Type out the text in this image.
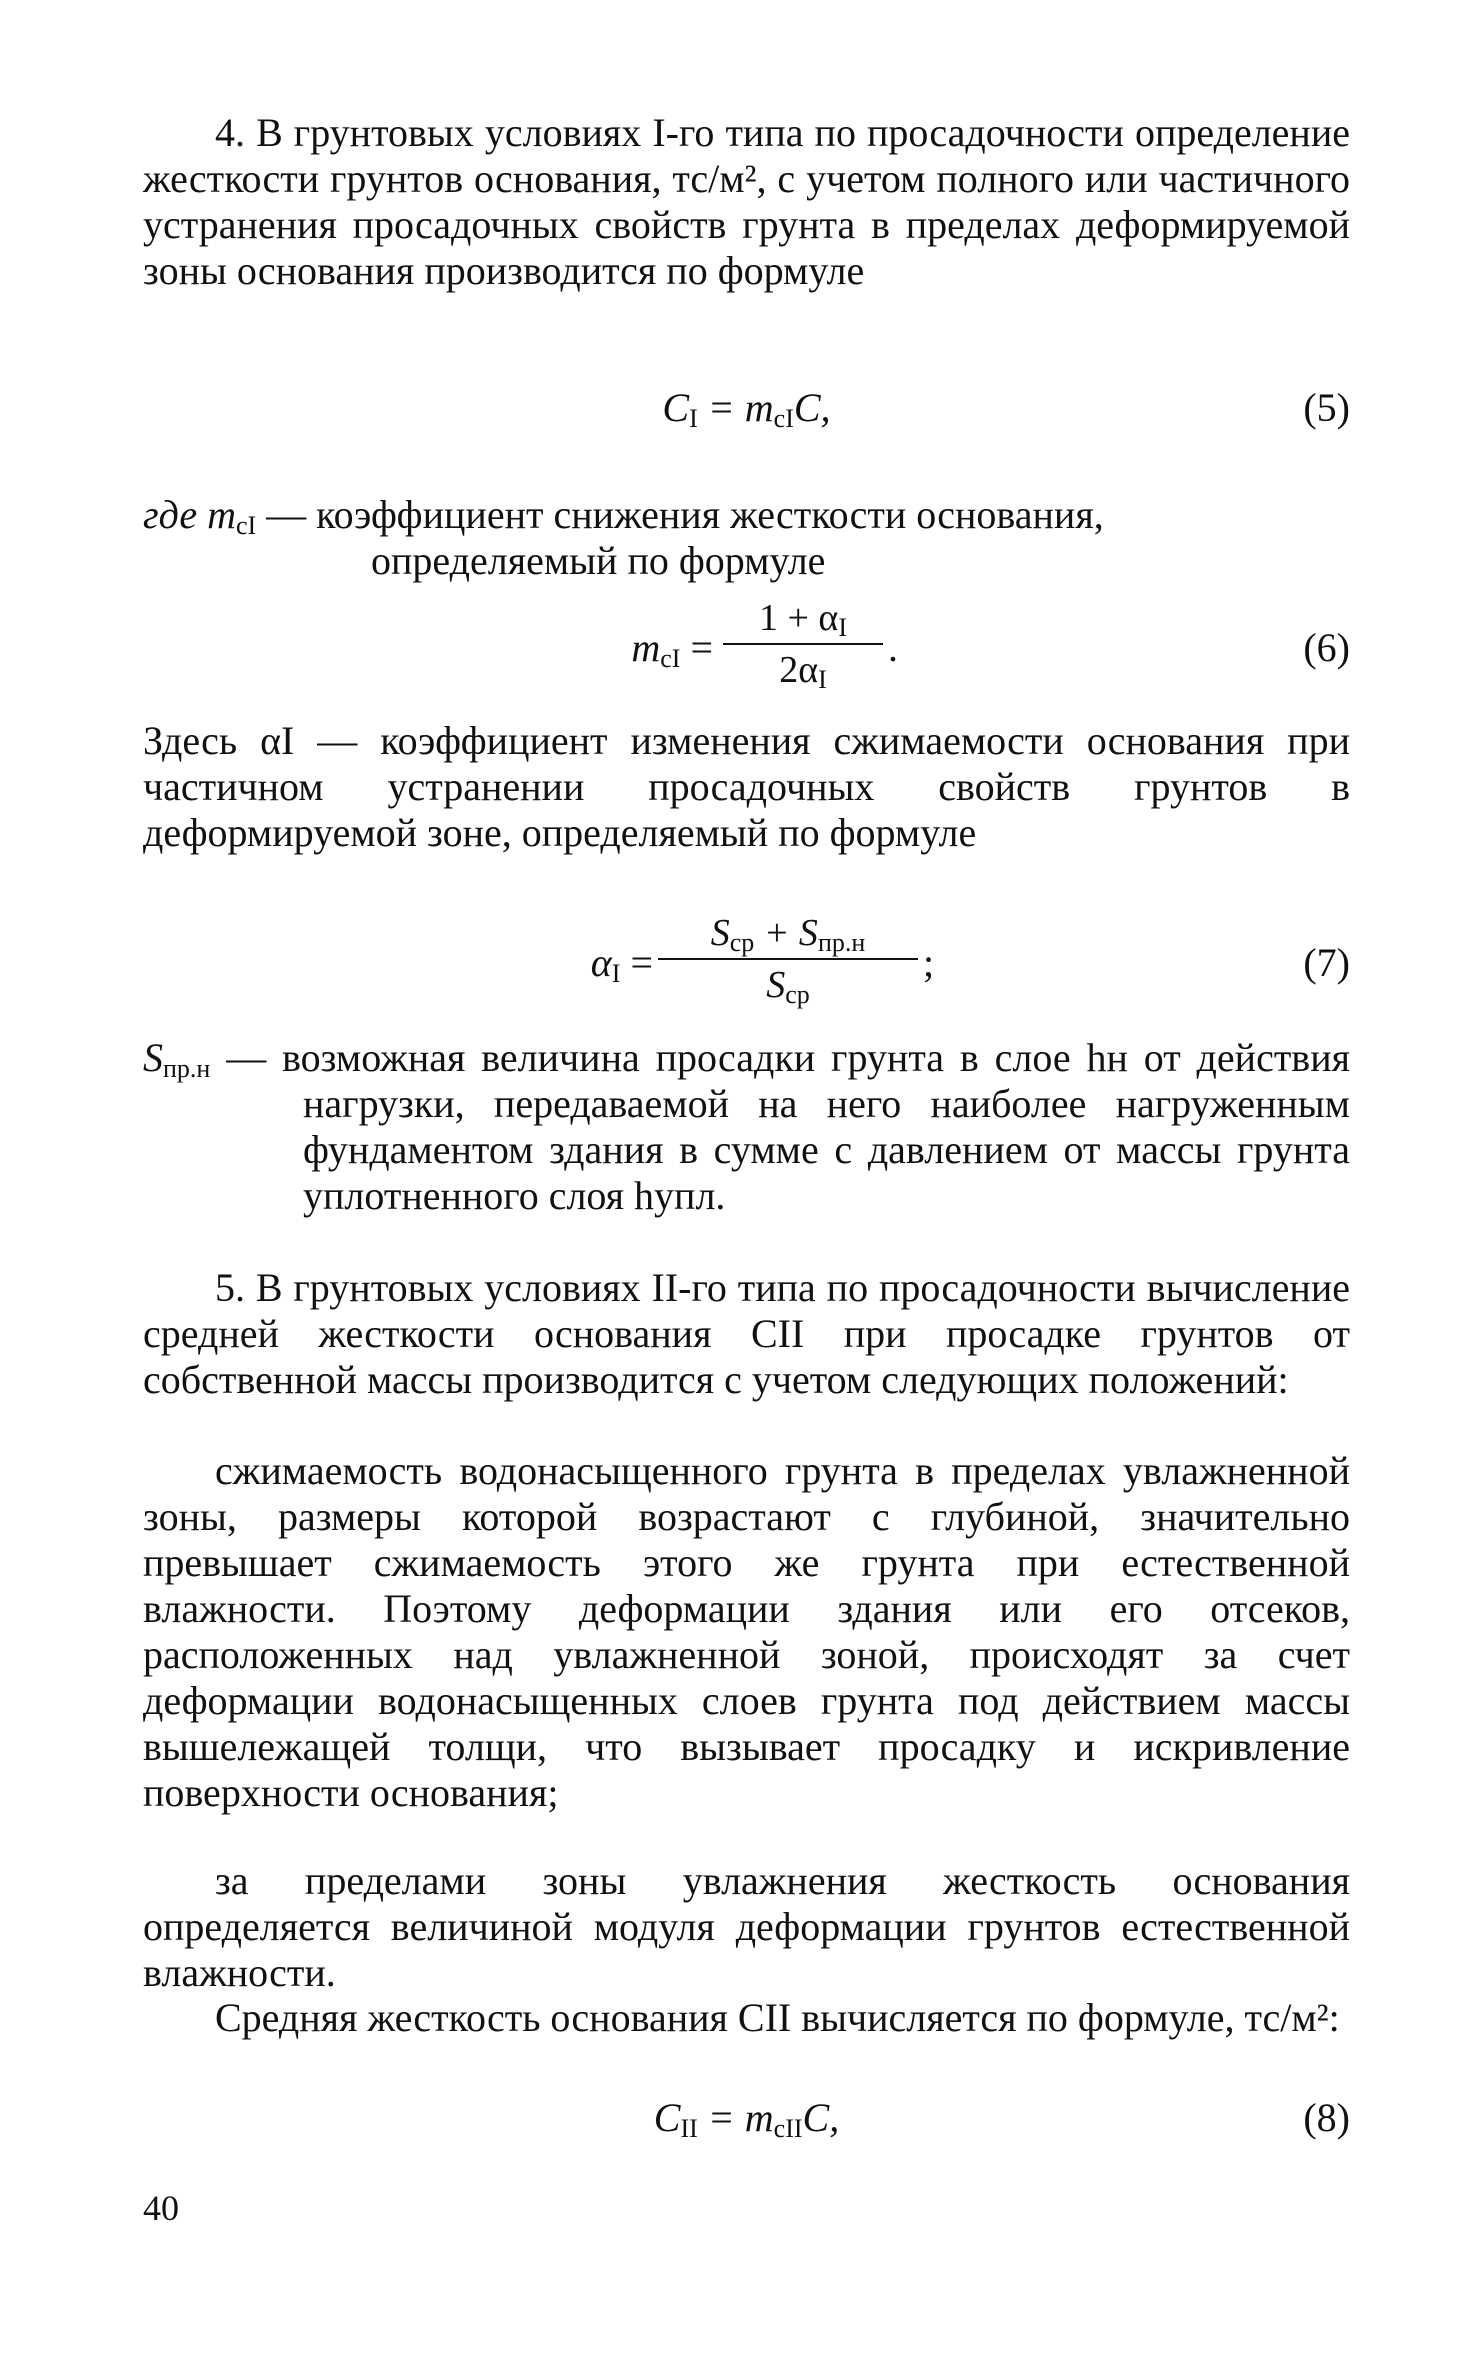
4. В грунтовых условиях I-го типа по просадочности определение жесткости грунтов основания, тс/м², с учетом полного или частичного устранения просадочных свойств грунта в пределах деформируемой зоны основания производится по формуле

$C_I = m_{cI}C$,	(5)

где $m_{cI}$ — коэффициент снижения жесткости основания,

определяемый по формуле

$m_{cI}$ =
$1 + \alpha_I$
$2\alpha_I$
.	(6)

Здесь αI — коэффициент изменения сжимаемости основания при частичном устранении просадочных свойств грунтов в деформируемой зоне, определяемый по формуле

$\alpha_I$ =
$S_{ср} + S_{пр.н}$
$S_{ср}$
;	(7)

$S_{пр.н}$ — возможная величина просадки грунта в слое hн от действия нагрузки, передаваемой на него наиболее нагруженным фундаментом здания в сумме с давлением от массы грунта уплотненного слоя hупл.

5. В грунтовых условиях II-го типа по просадочности вычисление средней жесткости основания CII при просадке грунтов от собственной массы производится с учетом следующих положений:

сжимаемость водонасыщенного грунта в пределах увлажненной зоны, размеры которой возрастают с глубиной, значительно превышает сжимаемость этого же грунта при естественной влажности. Поэтому деформации здания или его отсеков, расположенных над увлажненной зоной, происходят за счет деформации водонасыщенных слоев грунта под действием массы вышележащей толщи, что вызывает просадку и искривление поверхности основания;

за пределами зоны увлажнения жесткость основания определяется величиной модуля деформации грунтов естественной влажности.

Средняя жесткость основания CII вычисляется по формуле, тс/м²:

$C_{II} = m_{cII}C$,	(8)
40
